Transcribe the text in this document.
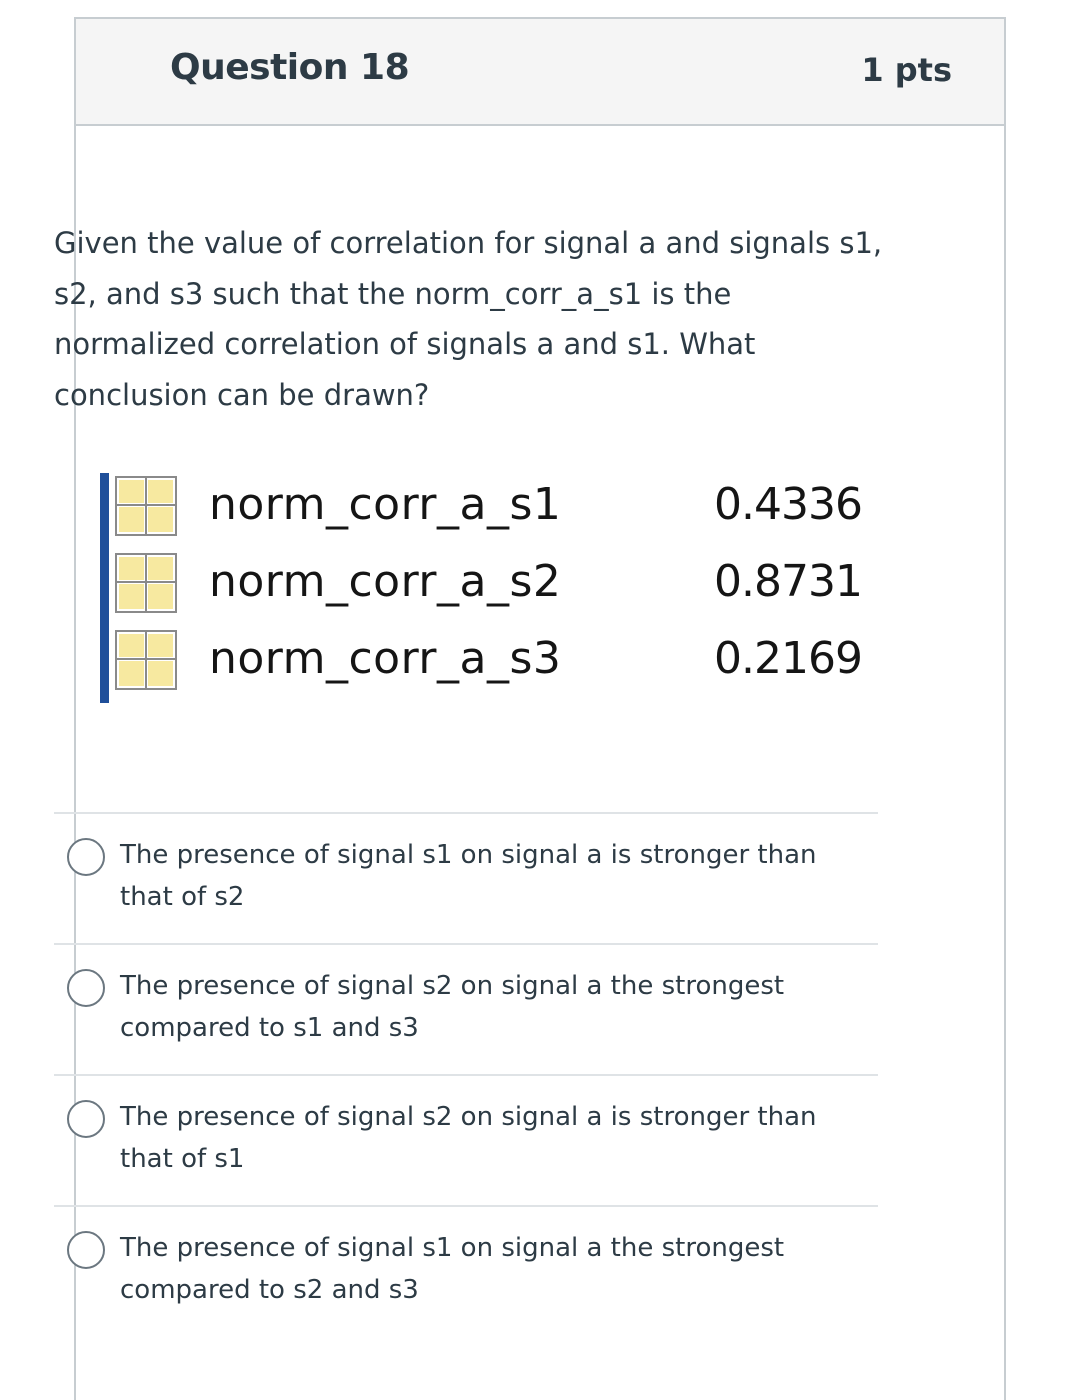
Question 18	1 pts
Given the value of correlation for signal a and signals s1, s2, and s3 such that the norm_corr_a_s1 is the normalized correlation of signals a and s1. What conclusion can be drawn?
norm_corr_a_s1	0.4336
norm_corr_a_s2	0.8731
norm_corr_a_s3	0.2169
The presence of signal s1 on signal a is stronger than that of s2
The presence of signal s2 on signal a the strongest compared to s1 and s3
The presence of signal s2 on signal a is stronger than that of s1
The presence of signal s1 on signal a the strongest compared to s2 and s3
